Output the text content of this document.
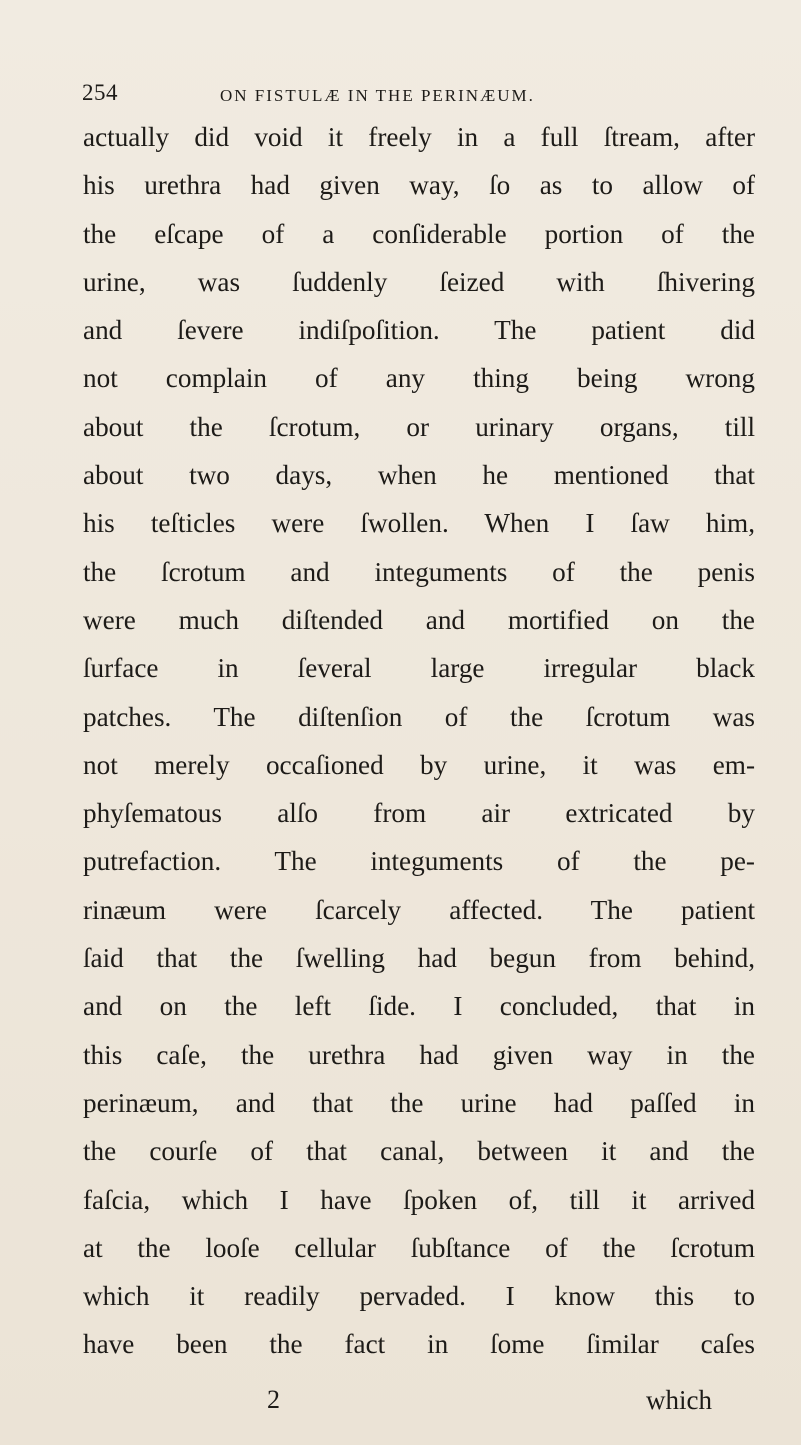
254	ON FISTULÆ IN THE PERINÆUM.
actually did void it freely in a full ſtream, after
his urethra had given way, ſo as to allow of
the eſcape of a conſiderable portion of the
urine, was ſuddenly ſeized with ſhivering
and ſevere indiſpoſition. The patient did
not complain of any thing being wrong
about the ſcrotum, or urinary organs, till
about two days, when he mentioned that
his teſticles were ſwollen. When I ſaw him,
the ſcrotum and integuments of the penis
were much diſtended and mortified on the
ſurface in ſeveral large irregular black
patches. The diſtenſion of the ſcrotum was
not merely occaſioned by urine, it was em-
phyſematous alſo from air extricated by
putrefaction. The integuments of the pe-
rinæum were ſcarcely affected. The patient
ſaid that the ſwelling had begun from behind,
and on the left ſide. I concluded, that in
this caſe, the urethra had given way in the
perinæum, and that the urine had paſſed in
the courſe of that canal, between it and the
faſcia, which I have ſpoken of, till it arrived
at the looſe cellular ſubſtance of the ſcrotum
which it readily pervaded. I know this to
have been the fact in ſome ſimilar caſes
2	which
